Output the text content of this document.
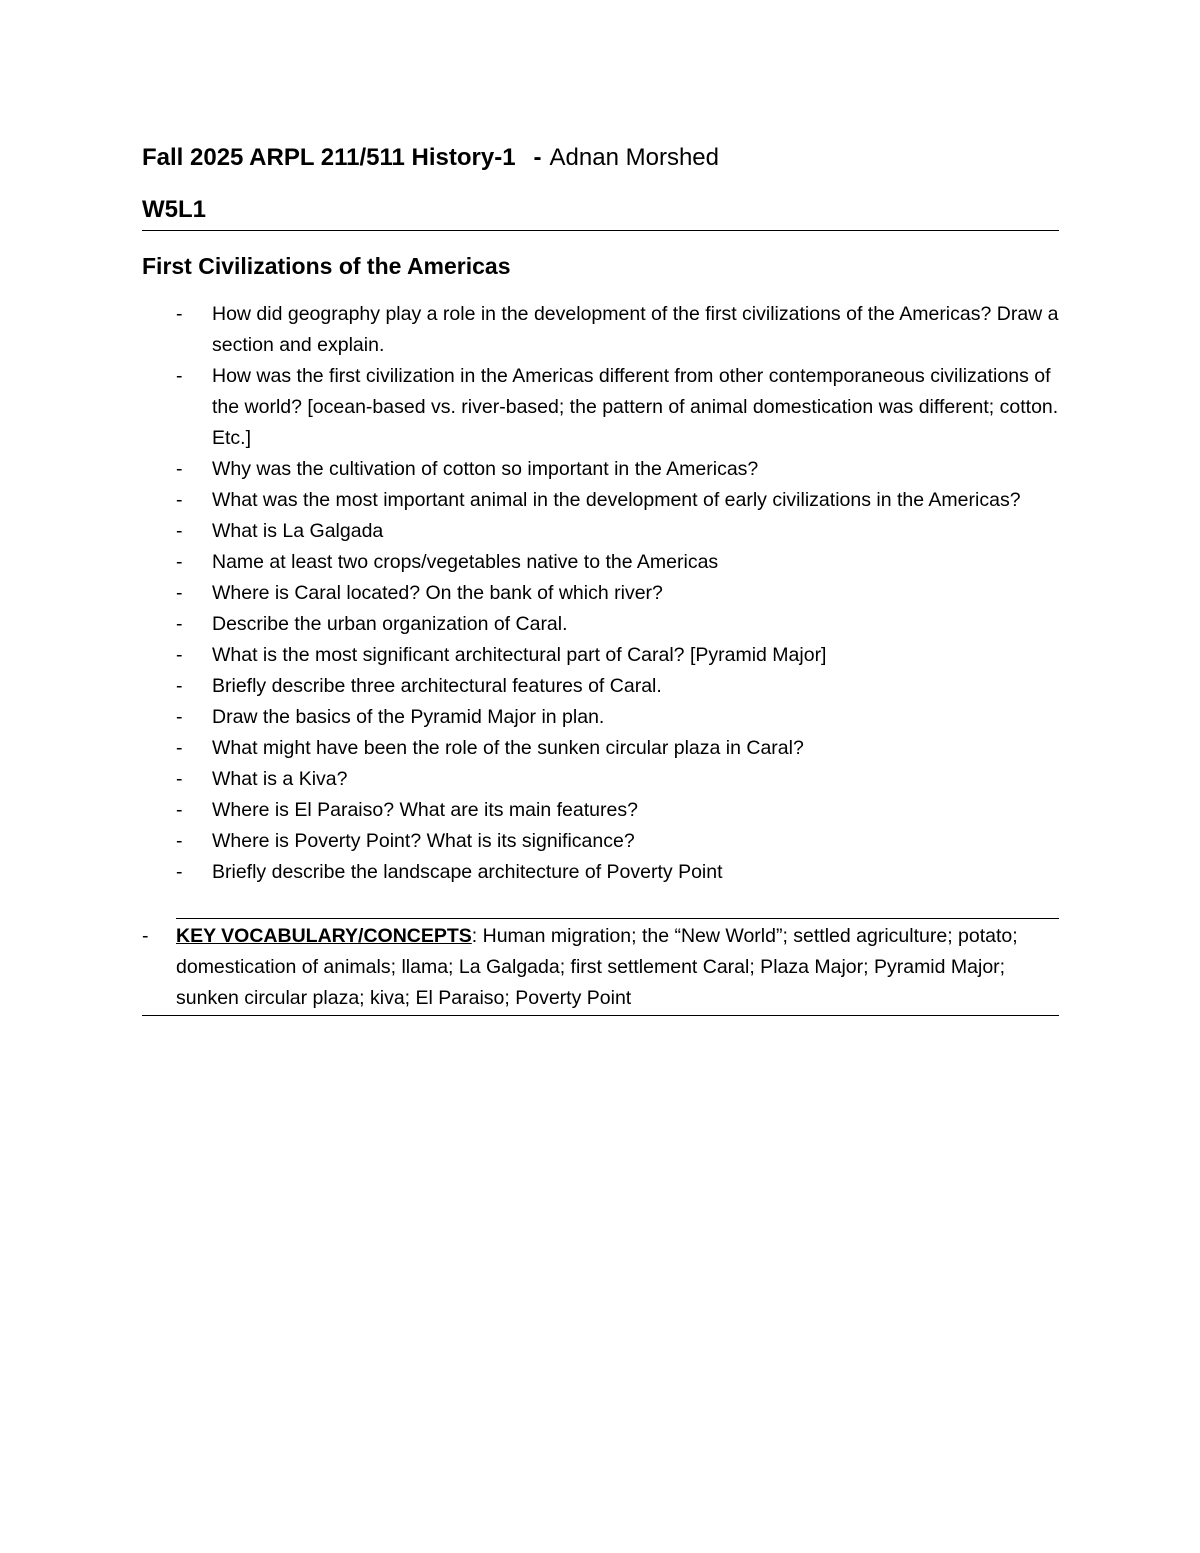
Fall 2025 ARPL 211/511 History-1 - Adnan Morshed
W5L1
First Civilizations of the Americas
- How did geography play a role in the development of the first civilizations of the Americas? Draw a section and explain.
- How was the first civilization in the Americas different from other contemporaneous civilizations of the world? [ocean-based vs. river-based; the pattern of animal domestication was different; cotton. Etc.]
- Why was the cultivation of cotton so important in the Americas?
- What was the most important animal in the development of early civilizations in the Americas?
- What is La Galgada
- Name at least two crops/vegetables native to the Americas
- Where is Caral located? On the bank of which river?
- Describe the urban organization of Caral.
- What is the most significant architectural part of Caral? [Pyramid Major]
- Briefly describe three architectural features of Caral.
- Draw the basics of the Pyramid Major in plan.
- What might have been the role of the sunken circular plaza in Caral?
- What is a Kiva?
- Where is El Paraiso? What are its main features?
- Where is Poverty Point? What is its significance?
- Briefly describe the landscape architecture of Poverty Point
- KEY VOCABULARY/CONCEPTS: Human migration; the “New World”; settled agriculture; potato; domestication of animals; llama; La Galgada; first settlement Caral; Plaza Major; Pyramid Major; sunken circular plaza; kiva; El Paraiso; Poverty Point
